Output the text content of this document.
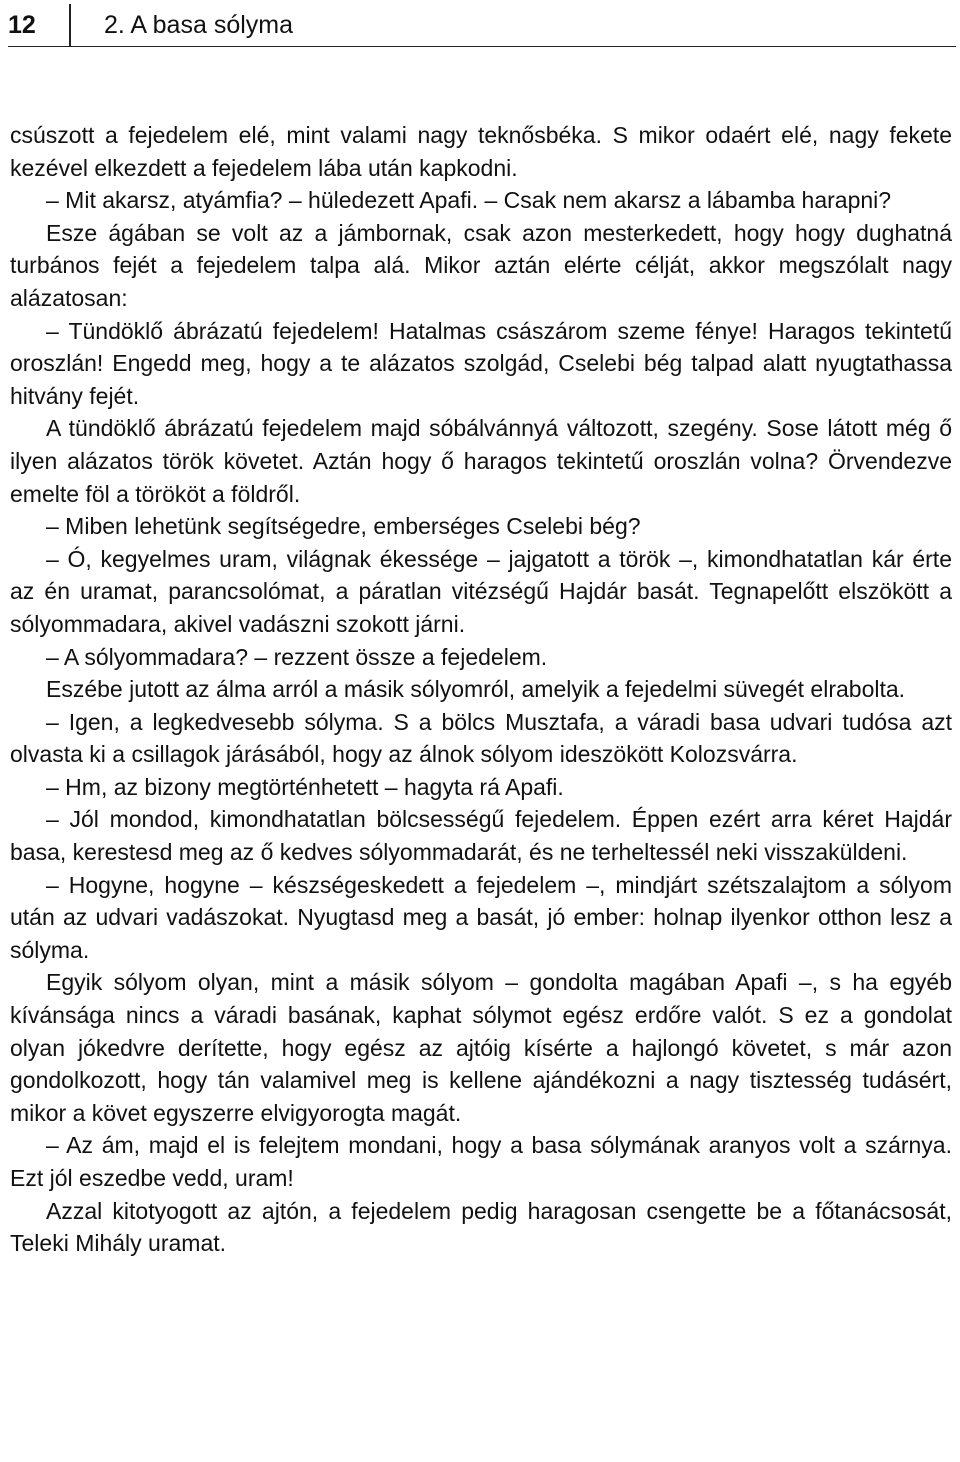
12	2. A basa sólyma

csúszott a fejedelem elé, mint valami nagy teknősbéka. S mikor odaért elé, nagy fekete kezével elkezdett a fejedelem lába után kapkodni.

– Mit akarsz, atyámfia? – hüledezett Apafi. – Csak nem akarsz a lábamba harapni?

Esze ágában se volt az a jámbornak, csak azon mesterkedett, hogy hogy dughatná turbános fejét a fejedelem talpa alá. Mikor aztán elérte célját, akkor megszólalt nagy alázatosan:

– Tündöklő ábrázatú fejedelem! Hatalmas császárom szeme fénye! Haragos tekintetű oroszlán! Engedd meg, hogy a te alázatos szolgád, Cselebi bég talpad alatt nyugtathassa hitvány fejét.

A tündöklő ábrázatú fejedelem majd sóbálvánnyá változott, szegény. Sose látott még ő ilyen alázatos török követet. Aztán hogy ő haragos tekintetű oroszlán volna? Örvendezve emelte föl a törököt a földről.

– Miben lehetünk segítségedre, emberséges Cselebi bég?

– Ó, kegyelmes uram, világnak ékessége – jajgatott a török –, kimondhatatlan kár érte az én uramat, parancsolómat, a páratlan vitézségű Hajdár basát. Tegnapelőtt elszökött a sólyommadara, akivel vadászni szokott járni.

– A sólyommadara? – rezzent össze a fejedelem.

Eszébe jutott az álma arról a másik sólyomról, amelyik a fejedelmi süvegét elrabolta.

– Igen, a legkedvesebb sólyma. S a bölcs Musztafa, a váradi basa udvari tudósa azt olvasta ki a csillagok járásából, hogy az álnok sólyom ideszökött Kolozsvárra.

– Hm, az bizony megtörténhetett – hagyta rá Apafi.

– Jól mondod, kimondhatatlan bölcsességű fejedelem. Éppen ezért arra kéret Hajdár basa, kerestesd meg az ő kedves sólyommadarát, és ne terheltessél neki visszaküldeni.

– Hogyne, hogyne – készségeskedett a fejedelem –, mindjárt szétszalajtom a sólyom után az udvari vadászokat. Nyugtasd meg a basát, jó ember: holnap ilyenkor otthon lesz a sólyma.

Egyik sólyom olyan, mint a másik sólyom – gondolta magában Apafi –, s ha egyéb kívánsága nincs a váradi basának, kaphat sólymot egész erdőre valót. S ez a gondolat olyan jókedvre derítette, hogy egész az ajtóig kísérte a hajlongó követet, s már azon gondolkozott, hogy tán valamivel meg is kellene ajándékozni a nagy tisztesség tudásért, mikor a követ egyszerre elvigyorogta magát.

– Az ám, majd el is felejtem mondani, hogy a basa sólymának aranyos volt a szárnya. Ezt jól eszedbe vedd, uram!

Azzal kitotyogott az ajtón, a fejedelem pedig haragosan csengette be a főtanácsosát, Teleki Mihály uramat.
